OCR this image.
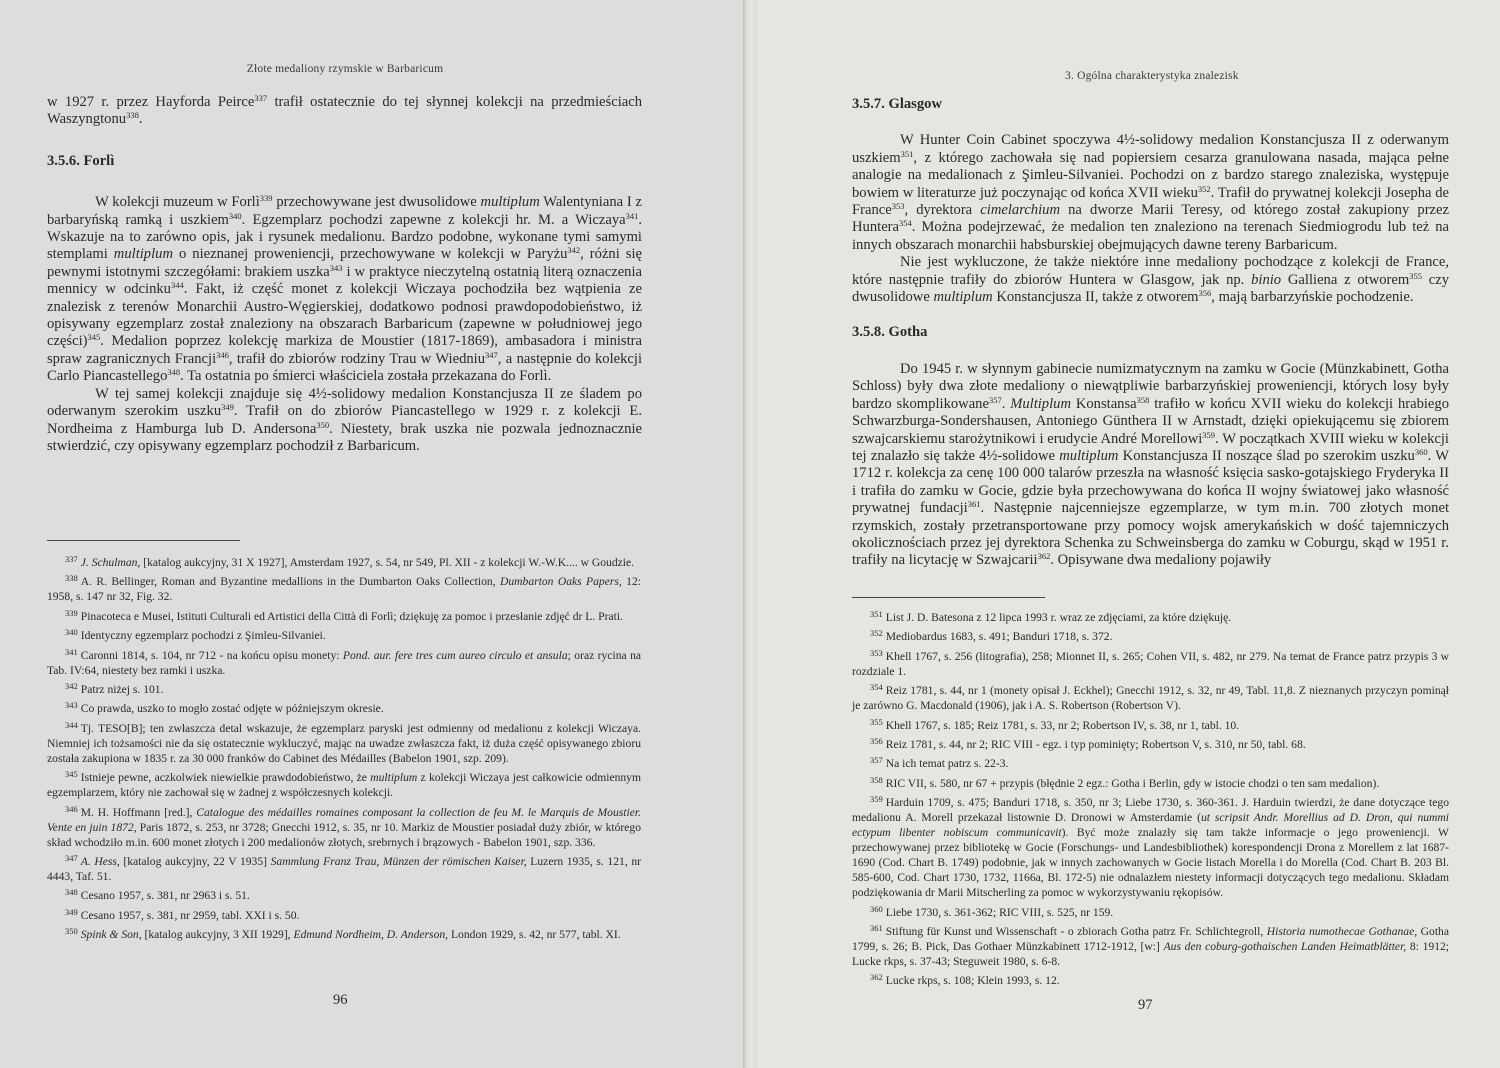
Złote medaliony rzymskie w Barbaricum

w 1927 r. przez Hayforda Peirce$^{337}$ trafił ostatecznie do tej słynnej kolekcji na przedmieściach Waszyngtonu$^{338}$.

3.5.6. Forlì

W kolekcji muzeum w Forlì$^{339}$ przechowywane jest dwusolidowe multiplum Walentyniana I z barbaryńską ramką i uszkiem$^{340}$. Egzemplarz pochodzi zapewne z kolekcji hr. M. a Wiczaya$^{341}$. Wskazuje na to zarówno opis, jak i rysunek medalionu. Bardzo podobne, wykonane tymi samymi stemplami multiplum o nieznanej proweniencji, przechowywane w kolekcji w Paryżu$^{342}$, różni się pewnymi istotnymi szczegółami: brakiem uszka$^{343}$ i w praktyce nieczytelną ostatnią literą oznaczenia mennicy w odcinku$^{344}$. Fakt, iż część monet z kolekcji Wiczaya pochodziła bez wątpienia ze znalezisk z terenów Monarchii Austro-Węgierskiej, dodatkowo podnosi prawdopodobieństwo, iż opisywany egzemplarz został znaleziony na obszarach Barbaricum (zapewne w południowej jego części)$^{345}$. Medalion poprzez kolekcję markiza de Moustier (1817-1869), ambasadora i ministra spraw zagranicznych Francji$^{346}$, trafił do zbiorów rodziny Trau w Wiedniu$^{347}$, a następnie do kolekcji Carlo Piancastellego$^{348}$. Ta ostatnia po śmierci właściciela została przekazana do Forlì.

W tej samej kolekcji znajduje się 4½-solidowy medalion Konstancjusza II ze śladem po oderwanym szerokim uszku$^{349}$. Trafił on do zbiorów Piancastellego w 1929 r. z kolekcji E. Nordheima z Hamburga lub D. Andersona$^{350}$. Niestety, brak uszka nie pozwala jednoznacznie stwierdzić, czy opisywany egzemplarz pochodził z Barbaricum.

$^{337}$ J. Schulman, [katalog aukcyjny, 31 X 1927], Amsterdam 1927, s. 54, nr 549, Pl. XII - z kolekcji W.-W.K.... w Goudzie.

$^{338}$ A. R. Bellinger, Roman and Byzantine medallions in the Dumbarton Oaks Collection, Dumbarton Oaks Papers, 12: 1958, s. 147 nr 32, Fig. 32.

$^{339}$ Pinacoteca e Musei, Istituti Culturali ed Artistici della Città di Forlì; dziękuję za pomoc i przesłanie zdjęć dr L. Prati.

$^{340}$ Identyczny egzemplarz pochodzi z Şimleu-Silvaniei.

$^{341}$ Caronni 1814, s. 104, nr 712 - na końcu opisu monety: Pond. aur. fere tres cum aureo circulo et ansula; oraz rycina na Tab. IV:64, niestety bez ramki i uszka.

$^{342}$ Patrz niżej s. 101.

$^{343}$ Co prawda, uszko to mogło zostać odjęte w późniejszym okresie.

$^{344}$ Tj. TESO[B]; ten zwłaszcza detal wskazuje, że egzemplarz paryski jest odmienny od medalionu z kolekcji Wiczaya. Niemniej ich tożsamości nie da się ostatecznie wykluczyć, mając na uwadze zwłaszcza fakt, iż duża część opisywanego zbioru została zakupiona w 1835 r. za 30 000 franków do Cabinet des Médailles (Babelon 1901, szp. 209).

$^{345}$ Istnieje pewne, aczkolwiek niewielkie prawdodobieństwo, że multiplum z kolekcji Wiczaya jest całkowicie odmiennym egzemplarzem, który nie zachował się w żadnej z współczesnych kolekcji.

$^{346}$ M. H. Hoffmann [red.], Catalogue des médailles romaines composant la collection de feu M. le Marquis de Moustier. Vente en juin 1872, Paris 1872, s. 253, nr 3728; Gnecchi 1912, s. 35, nr 10. Markiz de Moustier posiadał duży zbiór, w którego skład wchodziło m.in. 600 monet złotych i 200 medalionów złotych, srebrnych i brązowych - Babelon 1901, szp. 336.

$^{347}$ A. Hess, [katalog aukcyjny, 22 V 1935] Sammlung Franz Trau, Münzen der römischen Kaiser, Luzern 1935, s. 121, nr 4443, Taf. 51.

$^{348}$ Cesano 1957, s. 381, nr 2963 i s. 51.

$^{349}$ Cesano 1957, s. 381, nr 2959, tabl. XXI i s. 50.

$^{350}$ Spink & Son, [katalog aukcyjny, 3 XII 1929], Edmund Nordheim, D. Anderson, London 1929, s. 42, nr 577, tabl. XI.

96
3. Ogólna charakterystyka znalezisk
3.5.7. Glasgow

W Hunter Coin Cabinet spoczywa 4½-solidowy medalion Konstancjusza II z oderwanym uszkiem$^{351}$, z którego zachowała się nad popiersiem cesarza granulowana nasada, mająca pełne analogie na medalionach z Şimleu-Silvaniei. Pochodzi on z bardzo starego znaleziska, występuje bowiem w literaturze już poczynając od końca XVII wieku$^{352}$. Trafił do prywatnej kolekcji Josepha de France$^{353}$, dyrektora cimelarchium na dworze Marii Teresy, od którego został zakupiony przez Huntera$^{354}$. Można podejrzewać, że medalion ten znaleziono na terenach Siedmiogrodu lub też na innych obszarach monarchii habsburskiej obejmujących dawne tereny Barbaricum.

Nie jest wykluczone, że także niektóre inne medaliony pochodzące z kolekcji de France, które następnie trafiły do zbiorów Huntera w Glasgow, jak np. binio Galliena z otworem$^{355}$ czy dwusolidowe multiplum Konstancjusza II, także z otworem$^{356}$, mają barbarzyńskie pochodzenie.

3.5.8. Gotha

Do 1945 r. w słynnym gabinecie numizmatycznym na zamku w Gocie (Münzkabinett, Gotha Schloss) były dwa złote medaliony o niewątpliwie barbarzyńskiej proweniencji, których losy były bardzo skomplikowane$^{357}$. Multiplum Konstansa$^{358}$ trafiło w końcu XVII wieku do kolekcji hrabiego Schwarzburga-Sondershausen, Antoniego Günthera II w Arnstadt, dzięki opiekującemu się zbiorem szwajcarskiemu starożytnikowi i erudycie André Morellowi$^{359}$. W początkach XVIII wieku w kolekcji tej znalazło się także 4½-solidowe multiplum Konstancjusza II noszące ślad po szerokim uszku$^{360}$. W 1712 r. kolekcja za cenę 100 000 talarów przeszła na własność księcia sasko-gotajskiego Fryderyka II i trafiła do zamku w Gocie, gdzie była przechowywana do końca II wojny światowej jako własność prywatnej fundacji$^{361}$. Następnie najcenniejsze egzemplarze, w tym m.in. 700 złotych monet rzymskich, zostały przetransportowane przy pomocy wojsk amerykańskich w dość tajemniczych okolicznościach przez jej dyrektora Schenka zu Schweinsberga do zamku w Coburgu, skąd w 1951 r. trafiły na licytację w Szwajcarii$^{362}$. Opisywane dwa medaliony pojawiły

$^{351}$ List J. D. Batesona z 12 lipca 1993 r. wraz ze zdjęciami, za które dziękuję.

$^{352}$ Mediobardus 1683, s. 491; Banduri 1718, s. 372.

$^{353}$ Khell 1767, s. 256 (litografia), 258; Mionnet II, s. 265; Cohen VII, s. 482, nr 279. Na temat de France patrz przypis 3 w rozdziale 1.

$^{354}$ Reiz 1781, s. 44, nr 1 (monety opisał J. Eckhel); Gnecchi 1912, s. 32, nr 49, Tabl. 11,8. Z nieznanych przyczyn pominął je zarówno G. Macdonald (1906), jak i A. S. Robertson (Robertson V).

$^{355}$ Khell 1767, s. 185; Reiz 1781, s. 33, nr 2; Robertson IV, s. 38, nr 1, tabl. 10.

$^{356}$ Reiz 1781, s. 44, nr 2; RIC VIII - egz. i typ pominięty; Robertson V, s. 310, nr 50, tabl. 68.

$^{357}$ Na ich temat patrz s. 22-3.

$^{358}$ RIC VII, s. 580, nr 67 + przypis (błędnie 2 egz.: Gotha i Berlin, gdy w istocie chodzi o ten sam medalion).

$^{359}$ Harduin 1709, s. 475; Banduri 1718, s. 350, nr 3; Liebe 1730, s. 360-361. J. Harduin twierdzi, że dane dotyczące tego medalionu A. Morell przekazał listownie D. Dronowi w Amsterdamie (ut scripsit Andr. Morellius ad D. Dron, qui nummi ectypum libenter nobiscum communicavit). Być może znalazły się tam także informacje o jego proweniencji. W przechowywanej przez bibliotekę w Gocie (Forschungs- und Landesbibliothek) korespondencji Drona z Morellem z lat 1687-1690 (Cod. Chart B. 1749) podobnie, jak w innych zachowanych w Gocie listach Morella i do Morella (Cod. Chart B. 203 Bl. 585-600, Cod. Chart 1730, 1732, 1166a, Bl. 172-5) nie odnalazłem niestety informacji dotyczących tego medalionu. Składam podziękowania dr Marii Mitscherling za pomoc w wykorzystywaniu rękopisów.

$^{360}$ Liebe 1730, s. 361-362; RIC VIII, s. 525, nr 159.

$^{361}$ Stiftung für Kunst und Wissenschaft - o zbiorach Gotha patrz Fr. Schlichtegroll, Historia numothecae Gothanae, Gotha 1799, s. 26; B. Pick, Das Gothaer Münzkabinett 1712-1912, [w:] Aus den coburg-gothaischen Landen Heimatblätter, 8: 1912; Lucke rkps, s. 37-43; Steguweit 1980, s. 6-8.

$^{362}$ Lucke rkps, s. 108; Klein 1993, s. 12.

97
